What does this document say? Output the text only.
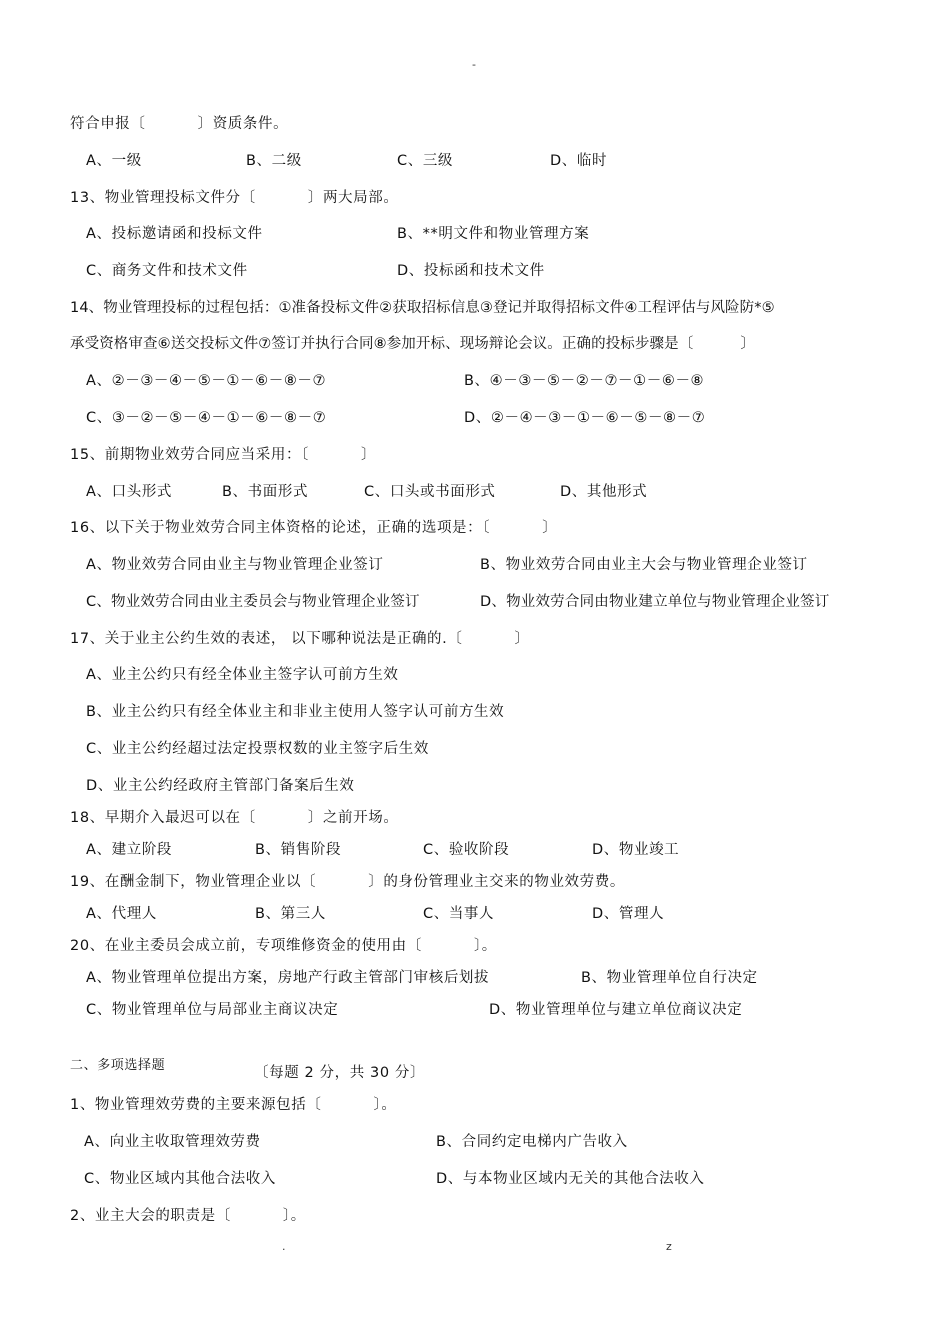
-
符合申报〔          〕资质条件。
A、一级	B、二级	C、三级	D、临时
13、物业管理投标文件分〔          〕两大局部。
A、投标邀请函和投标文件	B、**明文件和物业管理方案
C、商务文件和技术文件	D、投标函和技术文件
14、物业管理投标的过程包括：①准备投标文件②获取招标信息③登记并取得招标文件④工程评估与风险防*⑤
承受资格审查⑥送交投标文件⑦签订并执行合同⑧参加开标、现场辩论会议。正确的投标步骤是〔          〕
A、②－③－④－⑤－①－⑥－⑧－⑦	B、④－③－⑤－②－⑦－①－⑥－⑧
C、③－②－⑤－④－①－⑥－⑧－⑦	D、②－④－③－①－⑥－⑤－⑧－⑦
15、前期物业效劳合同应当采用：〔          〕
A、口头形式	B、书面形式	C、口头或书面形式	D、其他形式
16、以下关于物业效劳合同主体资格的论述，正确的选项是：〔          〕
A、物业效劳合同由业主与物业管理企业签订	B、物业效劳合同由业主大会与物业管理企业签订
C、物业效劳合同由业主委员会与物业管理企业签订	D、物业效劳合同由物业建立单位与物业管理企业签订
17、关于业主公约生效的表述， 以下哪种说法是正确的.〔          〕
A、业主公约只有经全体业主签字认可前方生效
B、业主公约只有经全体业主和非业主使用人签字认可前方生效
C、业主公约经超过法定投票权数的业主签字后生效
D、业主公约经政府主管部门备案后生效
18、早期介入最迟可以在〔          〕之前开场。
A、建立阶段	B、销售阶段	C、验收阶段	D、物业竣工
19、在酬金制下，物业管理企业以〔          〕的身份管理业主交来的物业效劳费。
A、代理人	B、第三人	C、当事人	D、管理人
20、在业主委员会成立前，专项维修资金的使用由〔          〕。
A、物业管理单位提出方案，房地产行政主管部门审核后划拔	B、物业管理单位自行决定
C、物业管理单位与局部业主商议决定	D、物业管理单位与建立单位商议决定
二、多项选择题	〔每题 2 分，共 30 分〕
1、物业管理效劳费的主要来源包括〔          〕。
A、向业主收取管理效劳费	B、合同约定电梯内广告收入
C、物业区域内其他合法收入	D、与本物业区域内无关的其他合法收入
2、业主大会的职责是〔          〕。
.	z
